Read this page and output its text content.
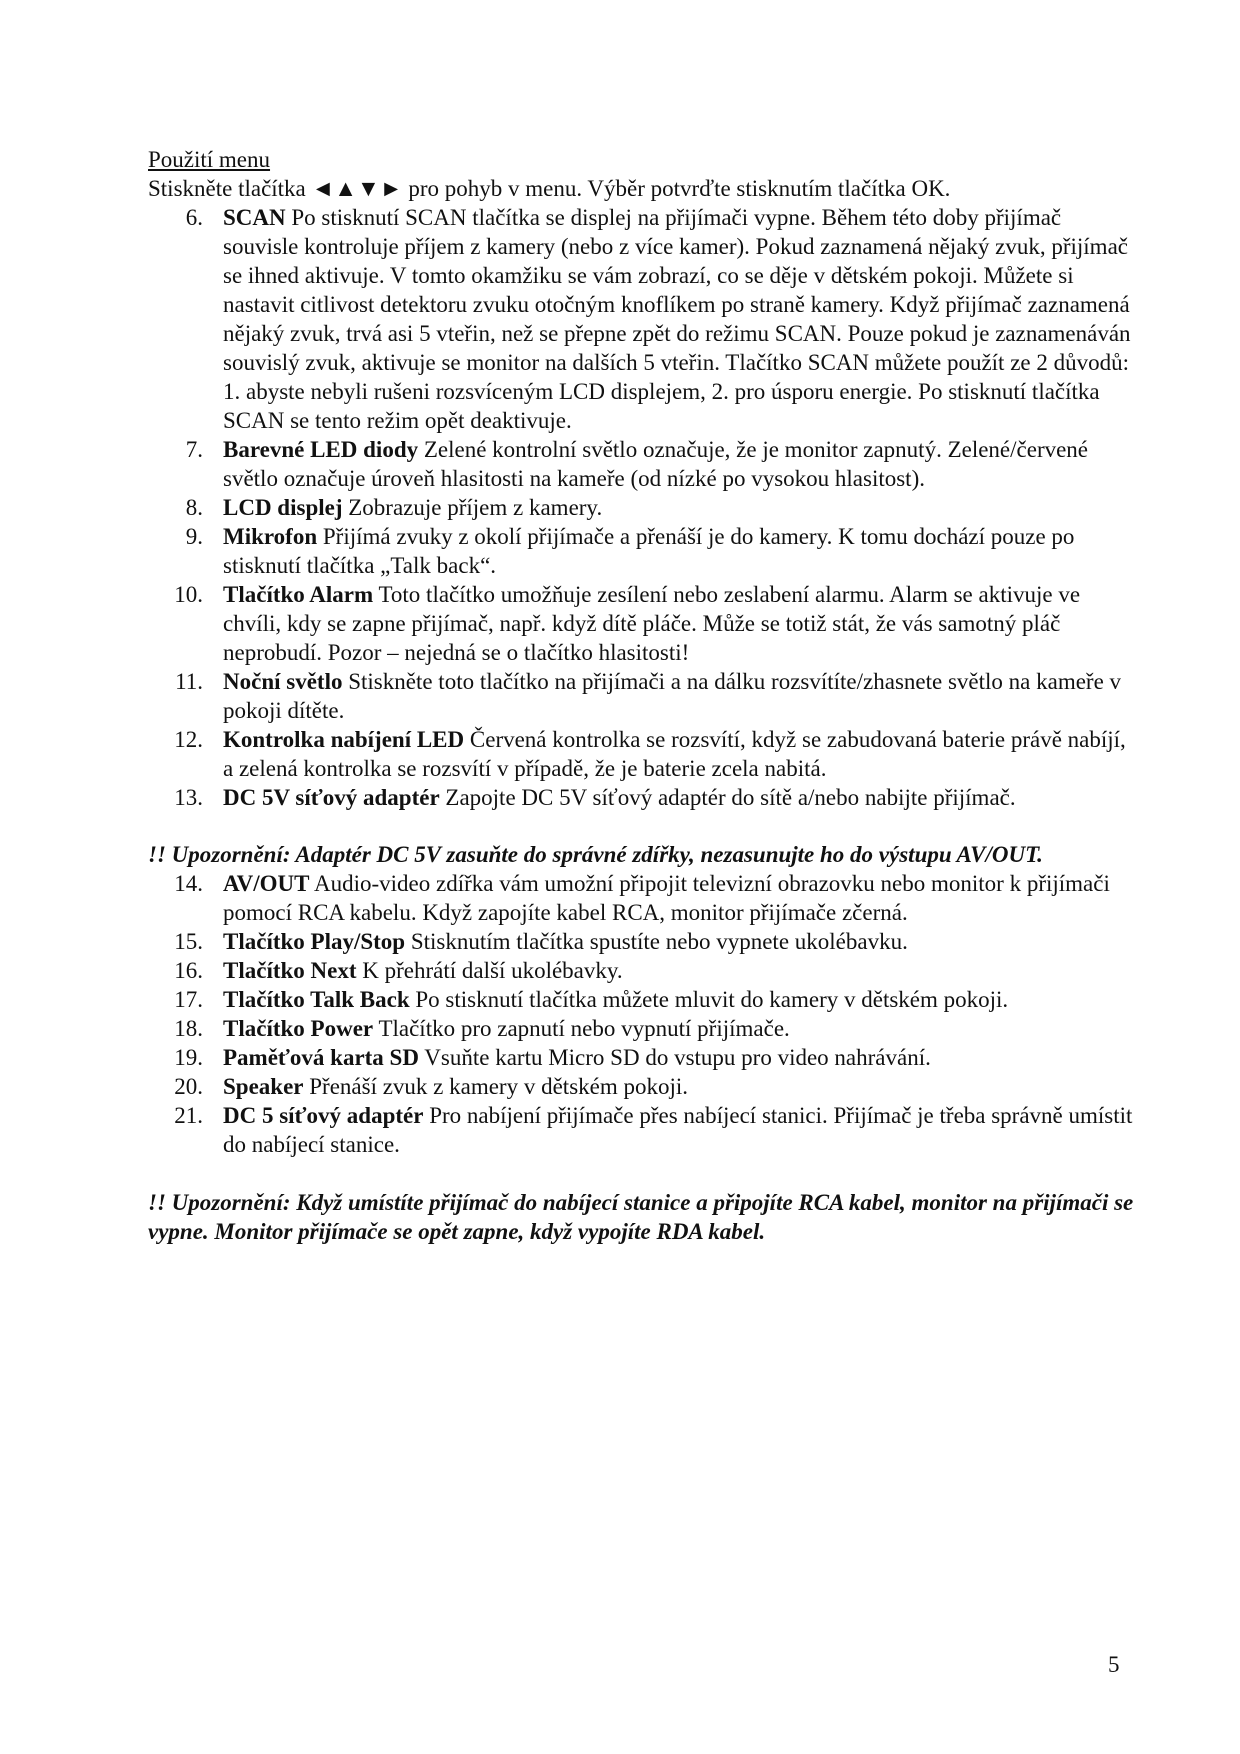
Použití menu

Stiskněte tlačítka ◄▲▼► pro pohyb v menu. Výběr potvrďte stisknutím tlačítka OK.

6. SCAN Po stisknutí SCAN tlačítka se displej na přijímači vypne. Během této doby přijímač souvisle kontroluje příjem z kamery (nebo z více kamer). Pokud zaznamená nějaký zvuk, přijímač se ihned aktivuje. V tomto okamžiku se vám zobrazí, co se děje v dětském pokoji. Můžete si nastavit citlivost detektoru zvuku otočným knoflíkem po straně kamery. Když přijímač zaznamená nějaký zvuk, trvá asi 5 vteřin, než se přepne zpět do režimu SCAN. Pouze pokud je zaznamenáván souvislý zvuk, aktivuje se monitor na dalších 5 vteřin. Tlačítko SCAN můžete použít ze 2 důvodů: 1. abyste nebyli rušeni rozsvíceným LCD displejem, 2. pro úsporu energie. Po stisknutí tlačítka SCAN se tento režim opět deaktivuje.
7. Barevné LED diody Zelené kontrolní světlo označuje, že je monitor zapnutý. Zelené/červené světlo označuje úroveň hlasitosti na kameře (od nízké po vysokou hlasitost).
8. LCD displej Zobrazuje příjem z kamery.
9. Mikrofon Přijímá zvuky z okolí přijímače a přenáší je do kamery. K tomu dochází pouze po stisknutí tlačítka „Talk back“.
10. Tlačítko Alarm Toto tlačítko umožňuje zesílení nebo zeslabení alarmu. Alarm se aktivuje ve chvíli, kdy se zapne přijímač, např. když dítě pláče. Může se totiž stát, že vás samotný pláč neprobudí. Pozor – nejedná se o tlačítko hlasitosti!
11. Noční světlo Stiskněte toto tlačítko na přijímači a na dálku rozsvítíte/zhasnete světlo na kameře v pokoji dítěte.
12. Kontrolka nabíjení LED Červená kontrolka se rozsvítí, když se zabudovaná baterie právě nabíjí, a zelená kontrolka se rozsvítí v případě, že je baterie zcela nabitá.
13. DC 5V síťový adaptér Zapojte DC 5V síťový adaptér do sítě a/nebo nabijte přijímač.

!! Upozornění: Adaptér DC 5V zasuňte do správné zdířky, nezasunujte ho do výstupu AV/OUT.

14. AV/OUT Audio-video zdířka vám umožní připojit televizní obrazovku nebo monitor k přijímači pomocí RCA kabelu. Když zapojíte kabel RCA, monitor přijímače zčerná.
15. Tlačítko Play/Stop Stisknutím tlačítka spustíte nebo vypnete ukolébavku.
16. Tlačítko Next K přehrátí další ukolébavky.
17. Tlačítko Talk Back Po stisknutí tlačítka můžete mluvit do kamery v dětském pokoji.
18. Tlačítko Power Tlačítko pro zapnutí nebo vypnutí přijímače.
19. Paměťová karta SD Vsuňte kartu Micro SD do vstupu pro video nahrávání.
20. Speaker Přenáší zvuk z kamery v dětském pokoji.
21. DC 5 síťový adaptér Pro nabíjení přijímače přes nabíjecí stanici. Přijímač je třeba správně umístit do nabíjecí stanice.

!! Upozornění: Když umístíte přijímač do nabíjecí stanice a připojíte RCA kabel, monitor na přijímači se vypne. Monitor přijímače se opět zapne, když vypojíte RDA kabel.

5
